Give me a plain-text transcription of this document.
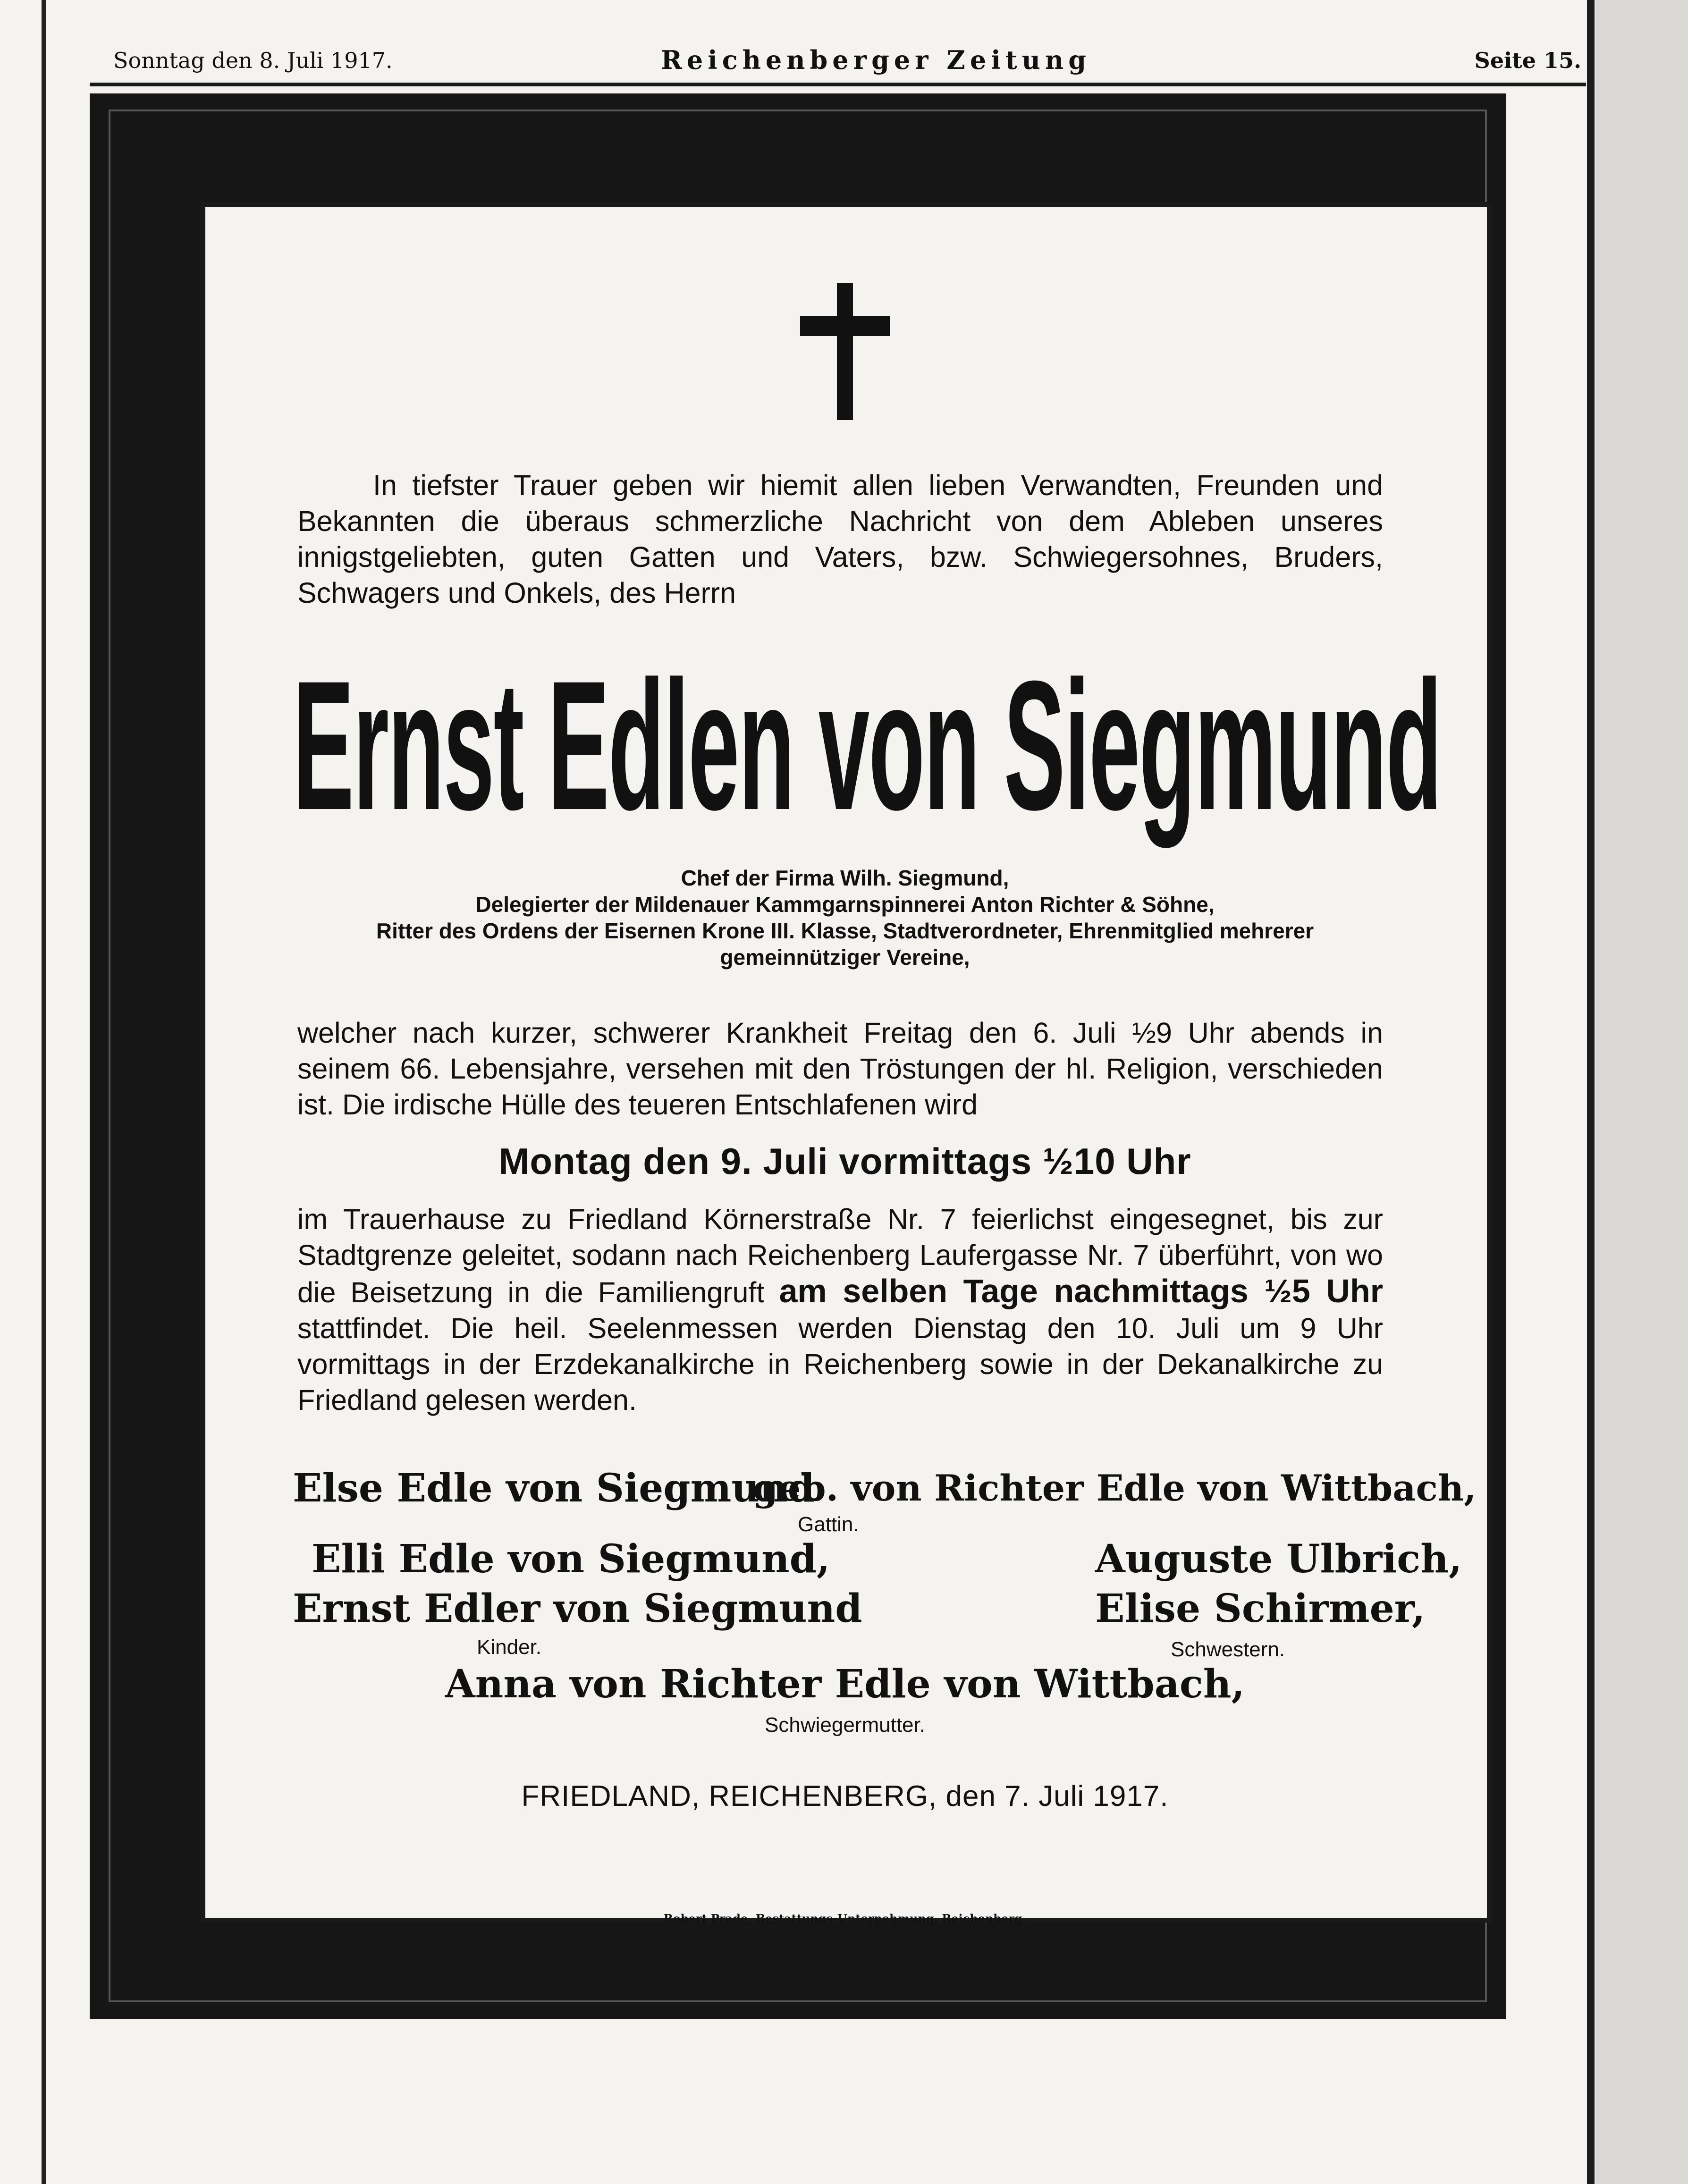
Sonntag den 8. Juli 1917.	Reichenberger Zeitung	Seite 15.

In tiefster Trauer geben wir hiemit allen lieben Verwandten, Freunden und Bekannten die überaus schmerzliche Nachricht von dem Ableben unseres innigstgeliebten, guten Gatten und Vaters, bzw. Schwiegersohnes, Bruders, Schwagers und Onkels, des Herrn

Ernst Edlen von Siegmund
Chef der Firma Wilh. Siegmund,
Delegierter der Mildenauer Kammgarnspinnerei Anton Richter & Söhne,
Ritter des Ordens der Eisernen Krone III. Klasse, Stadtverordneter, Ehrenmitglied mehrerer
gemeinnütziger Vereine,

welcher nach kurzer, schwerer Krankheit Freitag den 6. Juli ½9 Uhr abends in seinem 66. Lebensjahre, versehen mit den Tröstungen der hl. Religion, verschieden ist. Die irdische Hülle des teueren Entschlafenen wird

Montag den 9. Juli vormittags ½10 Uhr

im Trauerhause zu Friedland Körnerstraße Nr. 7 feierlichst eingesegnet, bis zur Stadtgrenze geleitet, sodann nach Reichenberg Laufergasse Nr. 7 überführt, von wo die Beisetzung in die Familiengruft am selben Tage nachmittags ½5 Uhr stattfindet. Die heil. Seelenmessen werden Dienstag den 10. Juli um 9 Uhr vormittags in der Erzdekanalkirche in Reichenberg sowie in der Dekanalkirche zu Friedland gelesen werden.

Else Edle von Siegmund
geb. von Richter Edle von Wittbach,
Gattin.
Elli Edle von Siegmund,
Ernst Edler von Siegmund
Kinder.
Auguste Ulbrich,
Elise Schirmer,
Schwestern.
Anna von Richter Edle von Wittbach,
Schwiegermutter.
FRIEDLAND, REICHENBERG, den 7. Juli 1917.
Robert Prade, Bestattungs-Unternehmung, Reichenberg.
